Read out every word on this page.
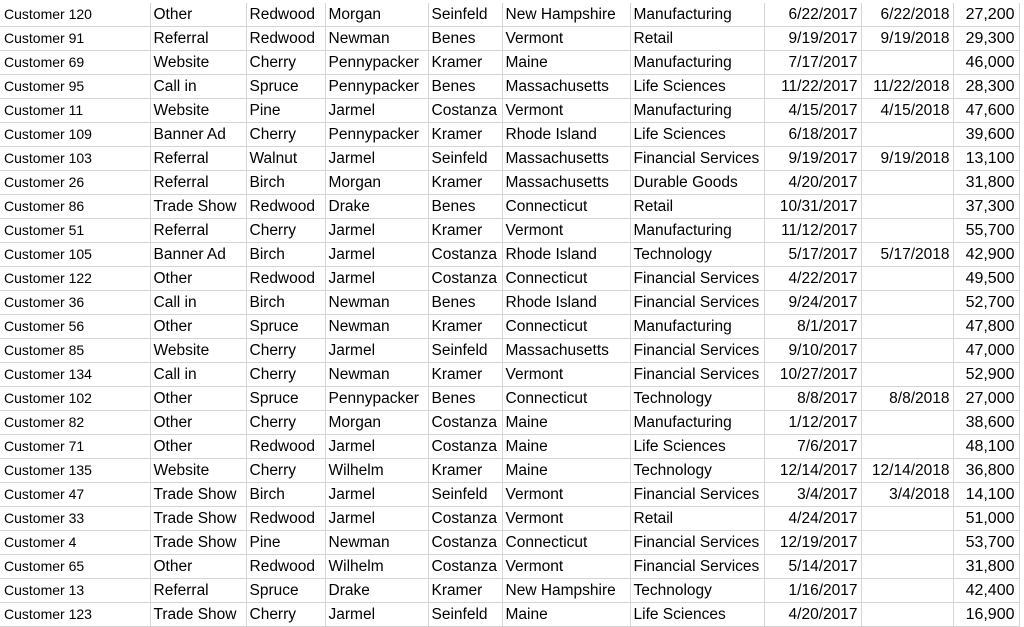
Customer 120	Other	Redwood	Morgan	Seinfeld	New Hampshire	Manufacturing	6/22/2017	6/22/2018	27,200
Customer 91	Referral	Redwood	Newman	Benes	Vermont	Retail	9/19/2017	9/19/2018	29,300
Customer 69	Website	Cherry	Pennypacker	Kramer	Maine	Manufacturing	7/17/2017		46,000
Customer 95	Call in	Spruce	Pennypacker	Benes	Massachusetts	Life Sciences	11/22/2017	11/22/2018	28,300
Customer 11	Website	Pine	Jarmel	Costanza	Vermont	Manufacturing	4/15/2017	4/15/2018	47,600
Customer 109	Banner Ad	Cherry	Pennypacker	Kramer	Rhode Island	Life Sciences	6/18/2017		39,600
Customer 103	Referral	Walnut	Jarmel	Seinfeld	Massachusetts	Financial Services	9/19/2017	9/19/2018	13,100
Customer 26	Referral	Birch	Morgan	Kramer	Massachusetts	Durable Goods	4/20/2017		31,800
Customer 86	Trade Show	Redwood	Drake	Benes	Connecticut	Retail	10/31/2017		37,300
Customer 51	Referral	Cherry	Jarmel	Kramer	Vermont	Manufacturing	11/12/2017		55,700
Customer 105	Banner Ad	Birch	Jarmel	Costanza	Rhode Island	Technology	5/17/2017	5/17/2018	42,900
Customer 122	Other	Redwood	Jarmel	Costanza	Connecticut	Financial Services	4/22/2017		49,500
Customer 36	Call in	Birch	Newman	Benes	Rhode Island	Financial Services	9/24/2017		52,700
Customer 56	Other	Spruce	Newman	Kramer	Connecticut	Manufacturing	8/1/2017		47,800
Customer 85	Website	Cherry	Jarmel	Seinfeld	Massachusetts	Financial Services	9/10/2017		47,000
Customer 134	Call in	Cherry	Newman	Kramer	Vermont	Financial Services	10/27/2017		52,900
Customer 102	Other	Spruce	Pennypacker	Benes	Connecticut	Technology	8/8/2017	8/8/2018	27,000
Customer 82	Other	Cherry	Morgan	Costanza	Maine	Manufacturing	1/12/2017		38,600
Customer 71	Other	Redwood	Jarmel	Costanza	Maine	Life Sciences	7/6/2017		48,100
Customer 135	Website	Cherry	Wilhelm	Kramer	Maine	Technology	12/14/2017	12/14/2018	36,800
Customer 47	Trade Show	Birch	Jarmel	Seinfeld	Vermont	Financial Services	3/4/2017	3/4/2018	14,100
Customer 33	Trade Show	Redwood	Jarmel	Costanza	Vermont	Retail	4/24/2017		51,000
Customer 4	Trade Show	Pine	Newman	Costanza	Connecticut	Financial Services	12/19/2017		53,700
Customer 65	Other	Redwood	Wilhelm	Costanza	Vermont	Financial Services	5/14/2017		31,800
Customer 13	Referral	Spruce	Drake	Kramer	New Hampshire	Technology	1/16/2017		42,400
Customer 123	Trade Show	Cherry	Jarmel	Seinfeld	Maine	Life Sciences	4/20/2017		16,900
